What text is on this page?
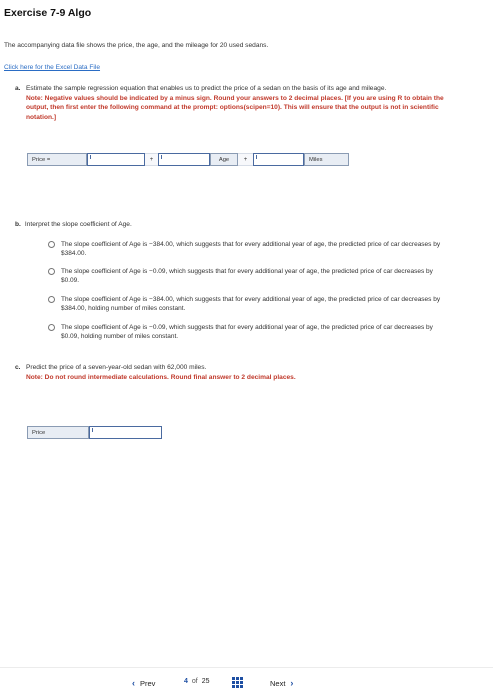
Exercise 7-9 Algo
The accompanying data file shows the price, the age, and the mileage for 20 used sedans.
Click here for the Excel Data File
a. Estimate the sample regression equation that enables us to predict the price of a sedan on the basis of its age and mileage.
Note: Negative values should be indicated by a minus sign. Round your answers to 2 decimal places. [If you are using R to obtain the output, then first enter the following command at the prompt: options(scipen=10). This will ensure that the output is not in scientific notation.]
Price =	+	Age	+	Miles
b. Interpret the slope coefficient of Age.
The slope coefficient of Age is −384.00, which suggests that for every additional year of age, the predicted price of car decreases by $384.00.
The slope coefficient of Age is −0.09, which suggests that for every additional year of age, the predicted price of car decreases by $0.09.
The slope coefficient of Age is −384.00, which suggests that for every additional year of age, the predicted price of car decreases by $384.00, holding number of miles constant.
The slope coefficient of Age is −0.09, which suggests that for every additional year of age, the predicted price of car decreases by $0.09, holding number of miles constant.
c. Predict the price of a seven-year-old sedan with 62,000 miles.
Note: Do not round intermediate calculations. Round final answer to 2 decimal places.
Price
‹ Prev	4 of 25	Next ›
